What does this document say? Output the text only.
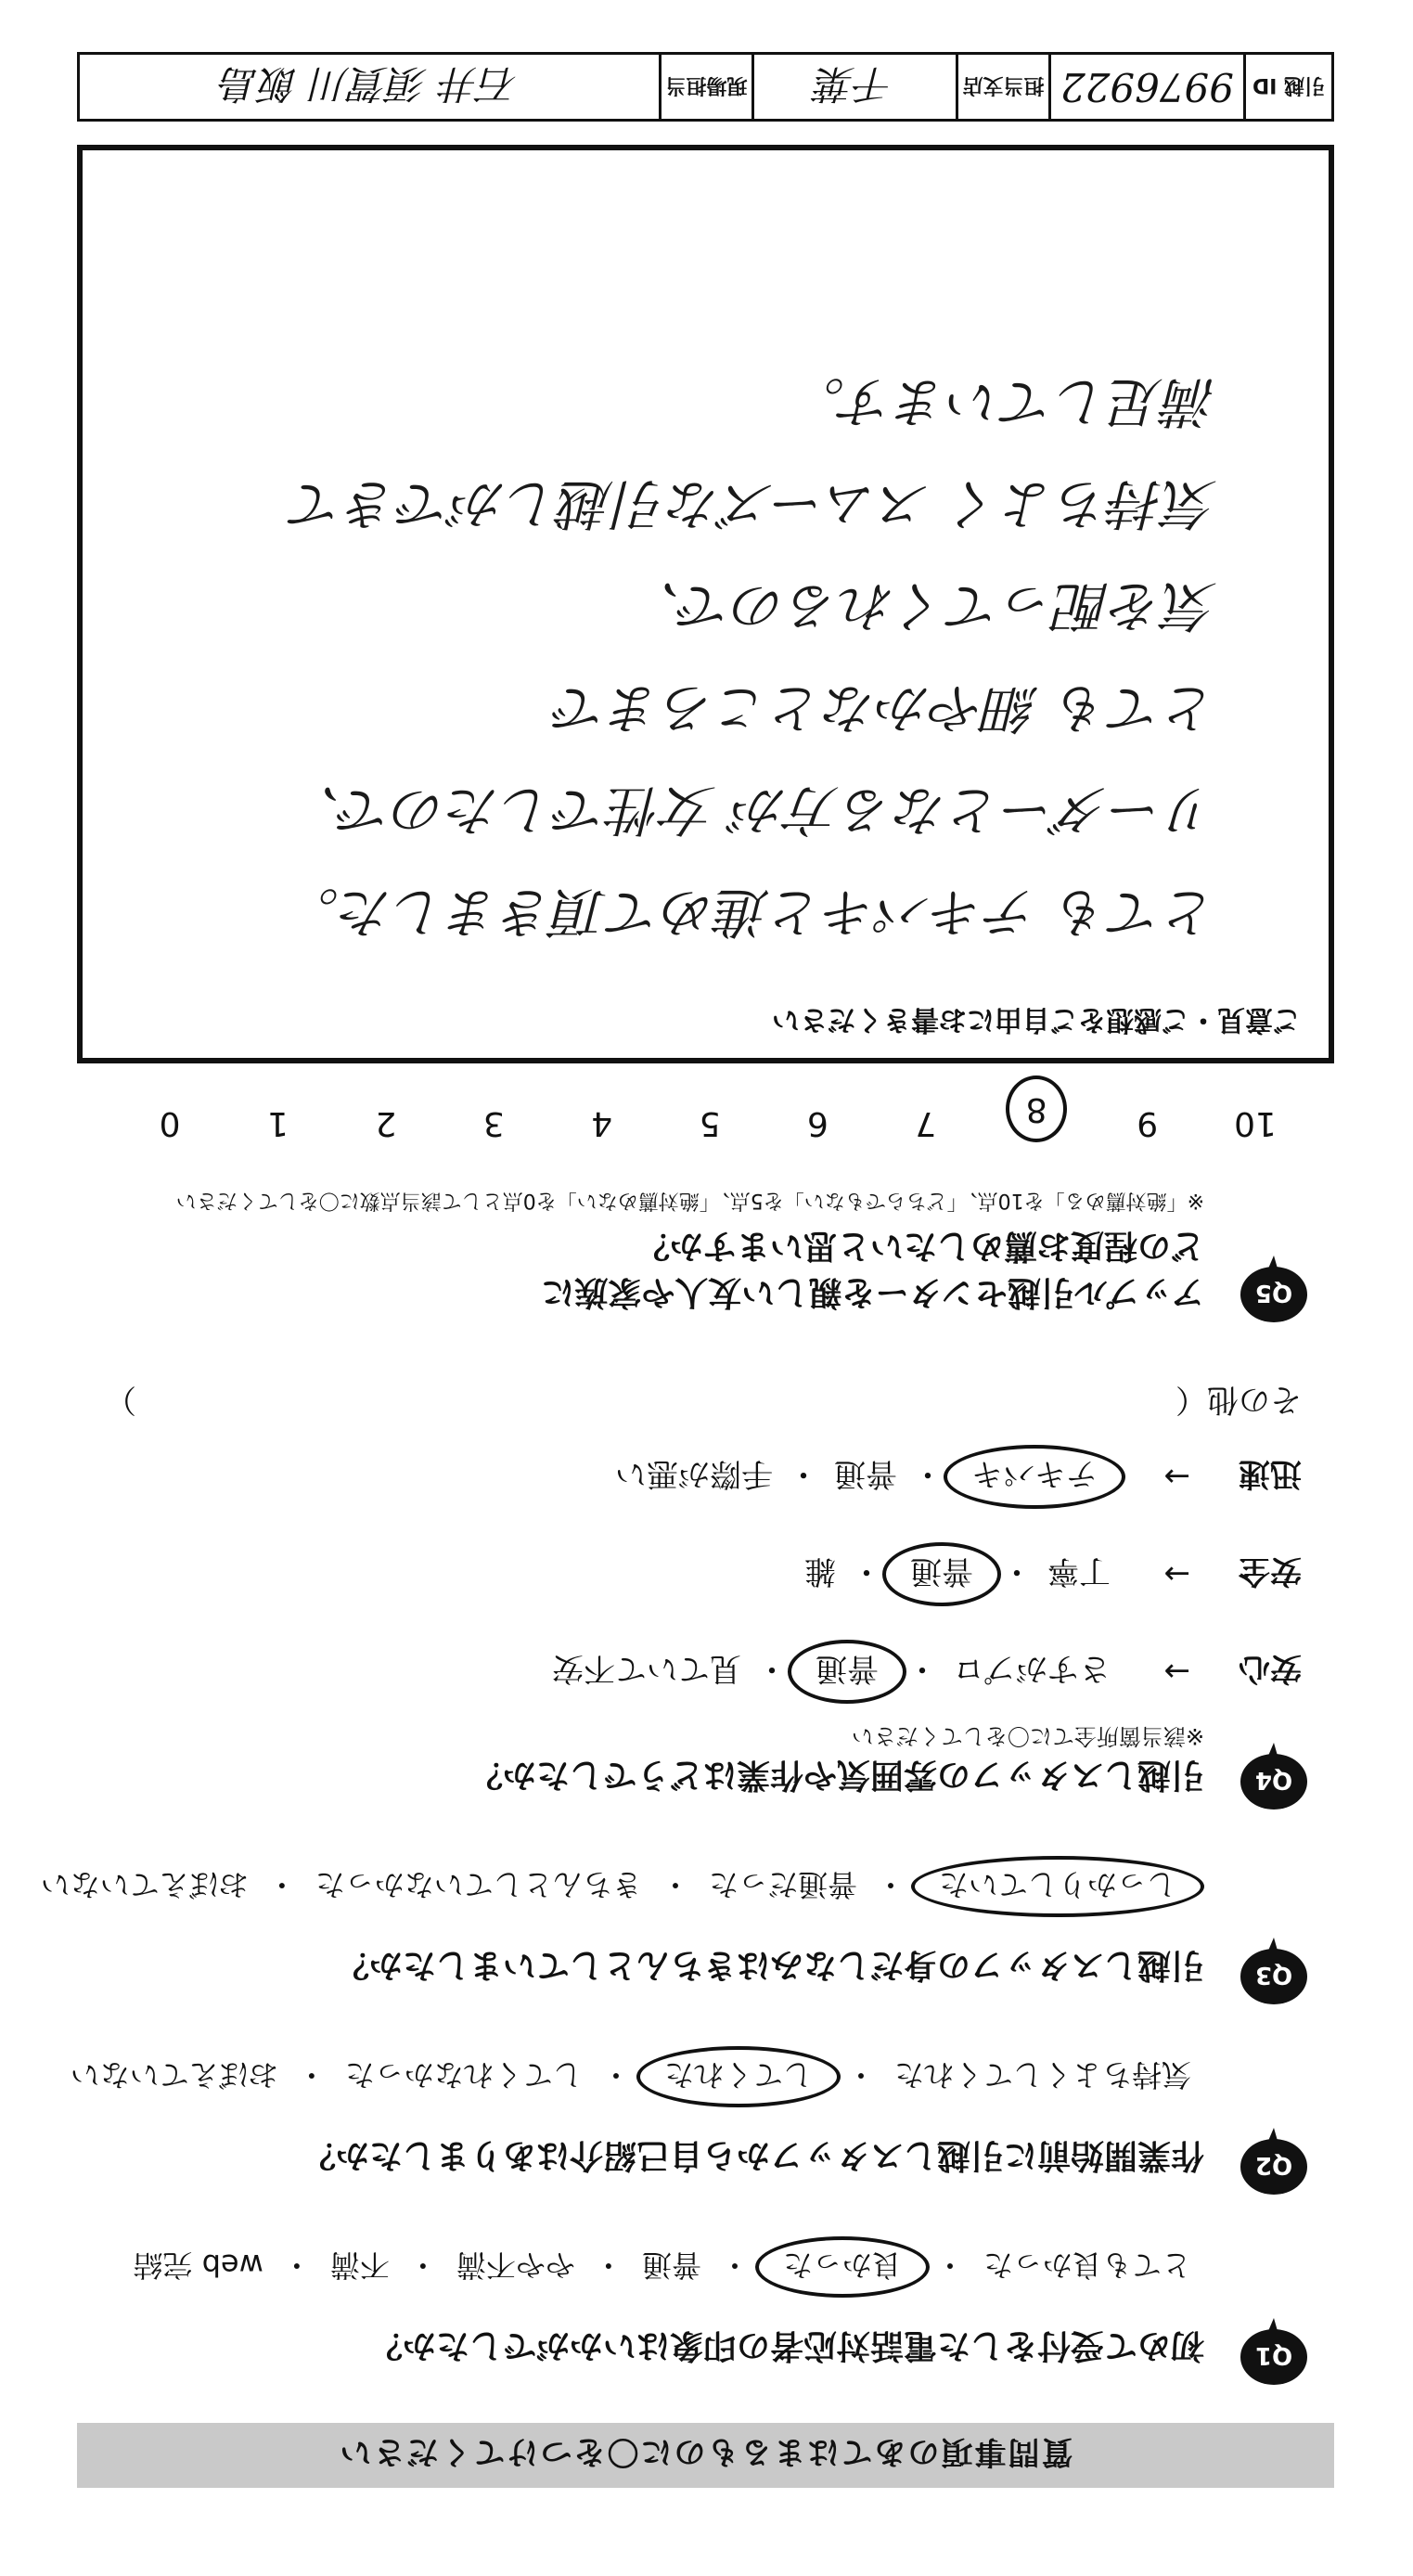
質問事項のあてはまるものに〇をつけてください
Q1
初めて受付をした電話対応者の印象はいかがでしたか？
とても良かった
・
良かった
・
普通
・
やや不満
・
不満
・
web 完結
Q2
作業開始前に引越しスタッフから自己紹介はありましたか？
気持ちよくしてくれた
・
してくれた
・
してくれなかった
・
おぼえていない
Q3
引越しスタッフの身だしなみはきちんとしていましたか？
しっかりしていた
・
普通だった
・
きちんとしていなかった
・
おぼえていない
Q4
引越しスタッフの雰囲気や作業はどうでしたか？
※該当箇所全てに〇をしてください
安心
→
さすがプロ
・
普通
・
見ていて不安
安全
→
丁寧
・
普通
・
雑
迅速
→
テキパキ
・
普通
・
手際が悪い
その他（
）
Q5
アップル引越センターを親しい友人や家族に
どの程度お薦めしたいと思いますか？
※「絶対薦める」を10点、「どちらでもない」を5点、「絶対薦めない」を0点として該当点数に〇をしてください
10
9
8
7
6
5
4
3
2
1
0
ご意見・ご感想をご自由にお書きください
とても テキパキと進めて頂きました。
リーダーとなる方が 女性でしたので、
とても 細やかなところまで
気を配ってくれるので、
気持ちよく スムーズな引越しができて
満足しています。
引越 ID
9976922
担当支店
千葉
現場担当
石井 須賀川 飯島
